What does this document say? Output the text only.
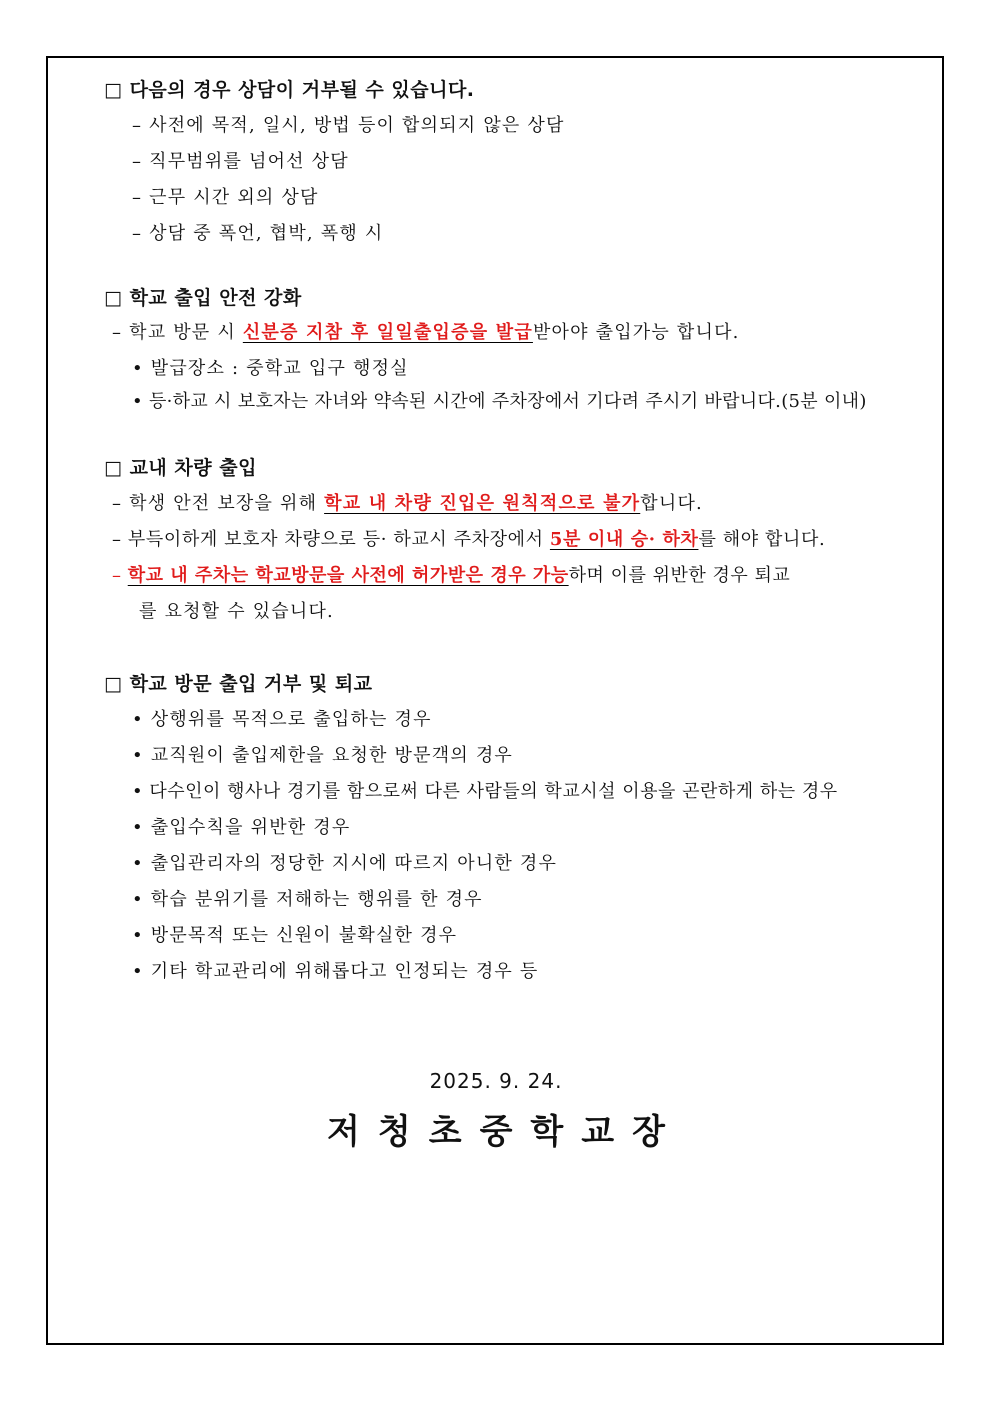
□ 다음의 경우 상담이 거부될 수 있습니다.
– 사전에 목적, 일시, 방법 등이 합의되지 않은 상담
– 직무범위를 넘어선 상담
– 근무 시간 외의 상담
– 상담 중 폭언, 협박, 폭행 시
□ 학교 출입 안전 강화
– 학교 방문 시 신분증 지참 후 일일출입증을 발급받아야 출입가능 합니다.
• 발급장소 : 중학교 입구 행정실
• 등·하교 시 보호자는 자녀와 약속된 시간에 주차장에서 기다려 주시기 바랍니다.(5분 이내)
□ 교내 차량 출입
– 학생 안전 보장을 위해 학교 내 차량 진입은 원칙적으로 불가합니다.
– 부득이하게 보호자 차량으로 등· 하교시 주차장에서 5분 이내 승· 하차를 해야 합니다.
– 학교 내 주차는 학교방문을 사전에 허가받은 경우 가능하며 이를 위반한 경우 퇴교
를 요청할 수 있습니다.
□ 학교 방문 출입 거부 및 퇴교
• 상행위를 목적으로 출입하는 경우
• 교직원이 출입제한을 요청한 방문객의 경우
• 다수인이 행사나 경기를 함으로써 다른 사람들의 학교시설 이용을 곤란하게 하는 경우
• 출입수칙을 위반한 경우
• 출입관리자의 정당한 지시에 따르지 아니한 경우
• 학습 분위기를 저해하는 행위를 한 경우
• 방문목적 또는 신원이 불확실한 경우
• 기타 학교관리에 위해롭다고 인정되는 경우 등
2025. 9. 24.
저청초중학교장
